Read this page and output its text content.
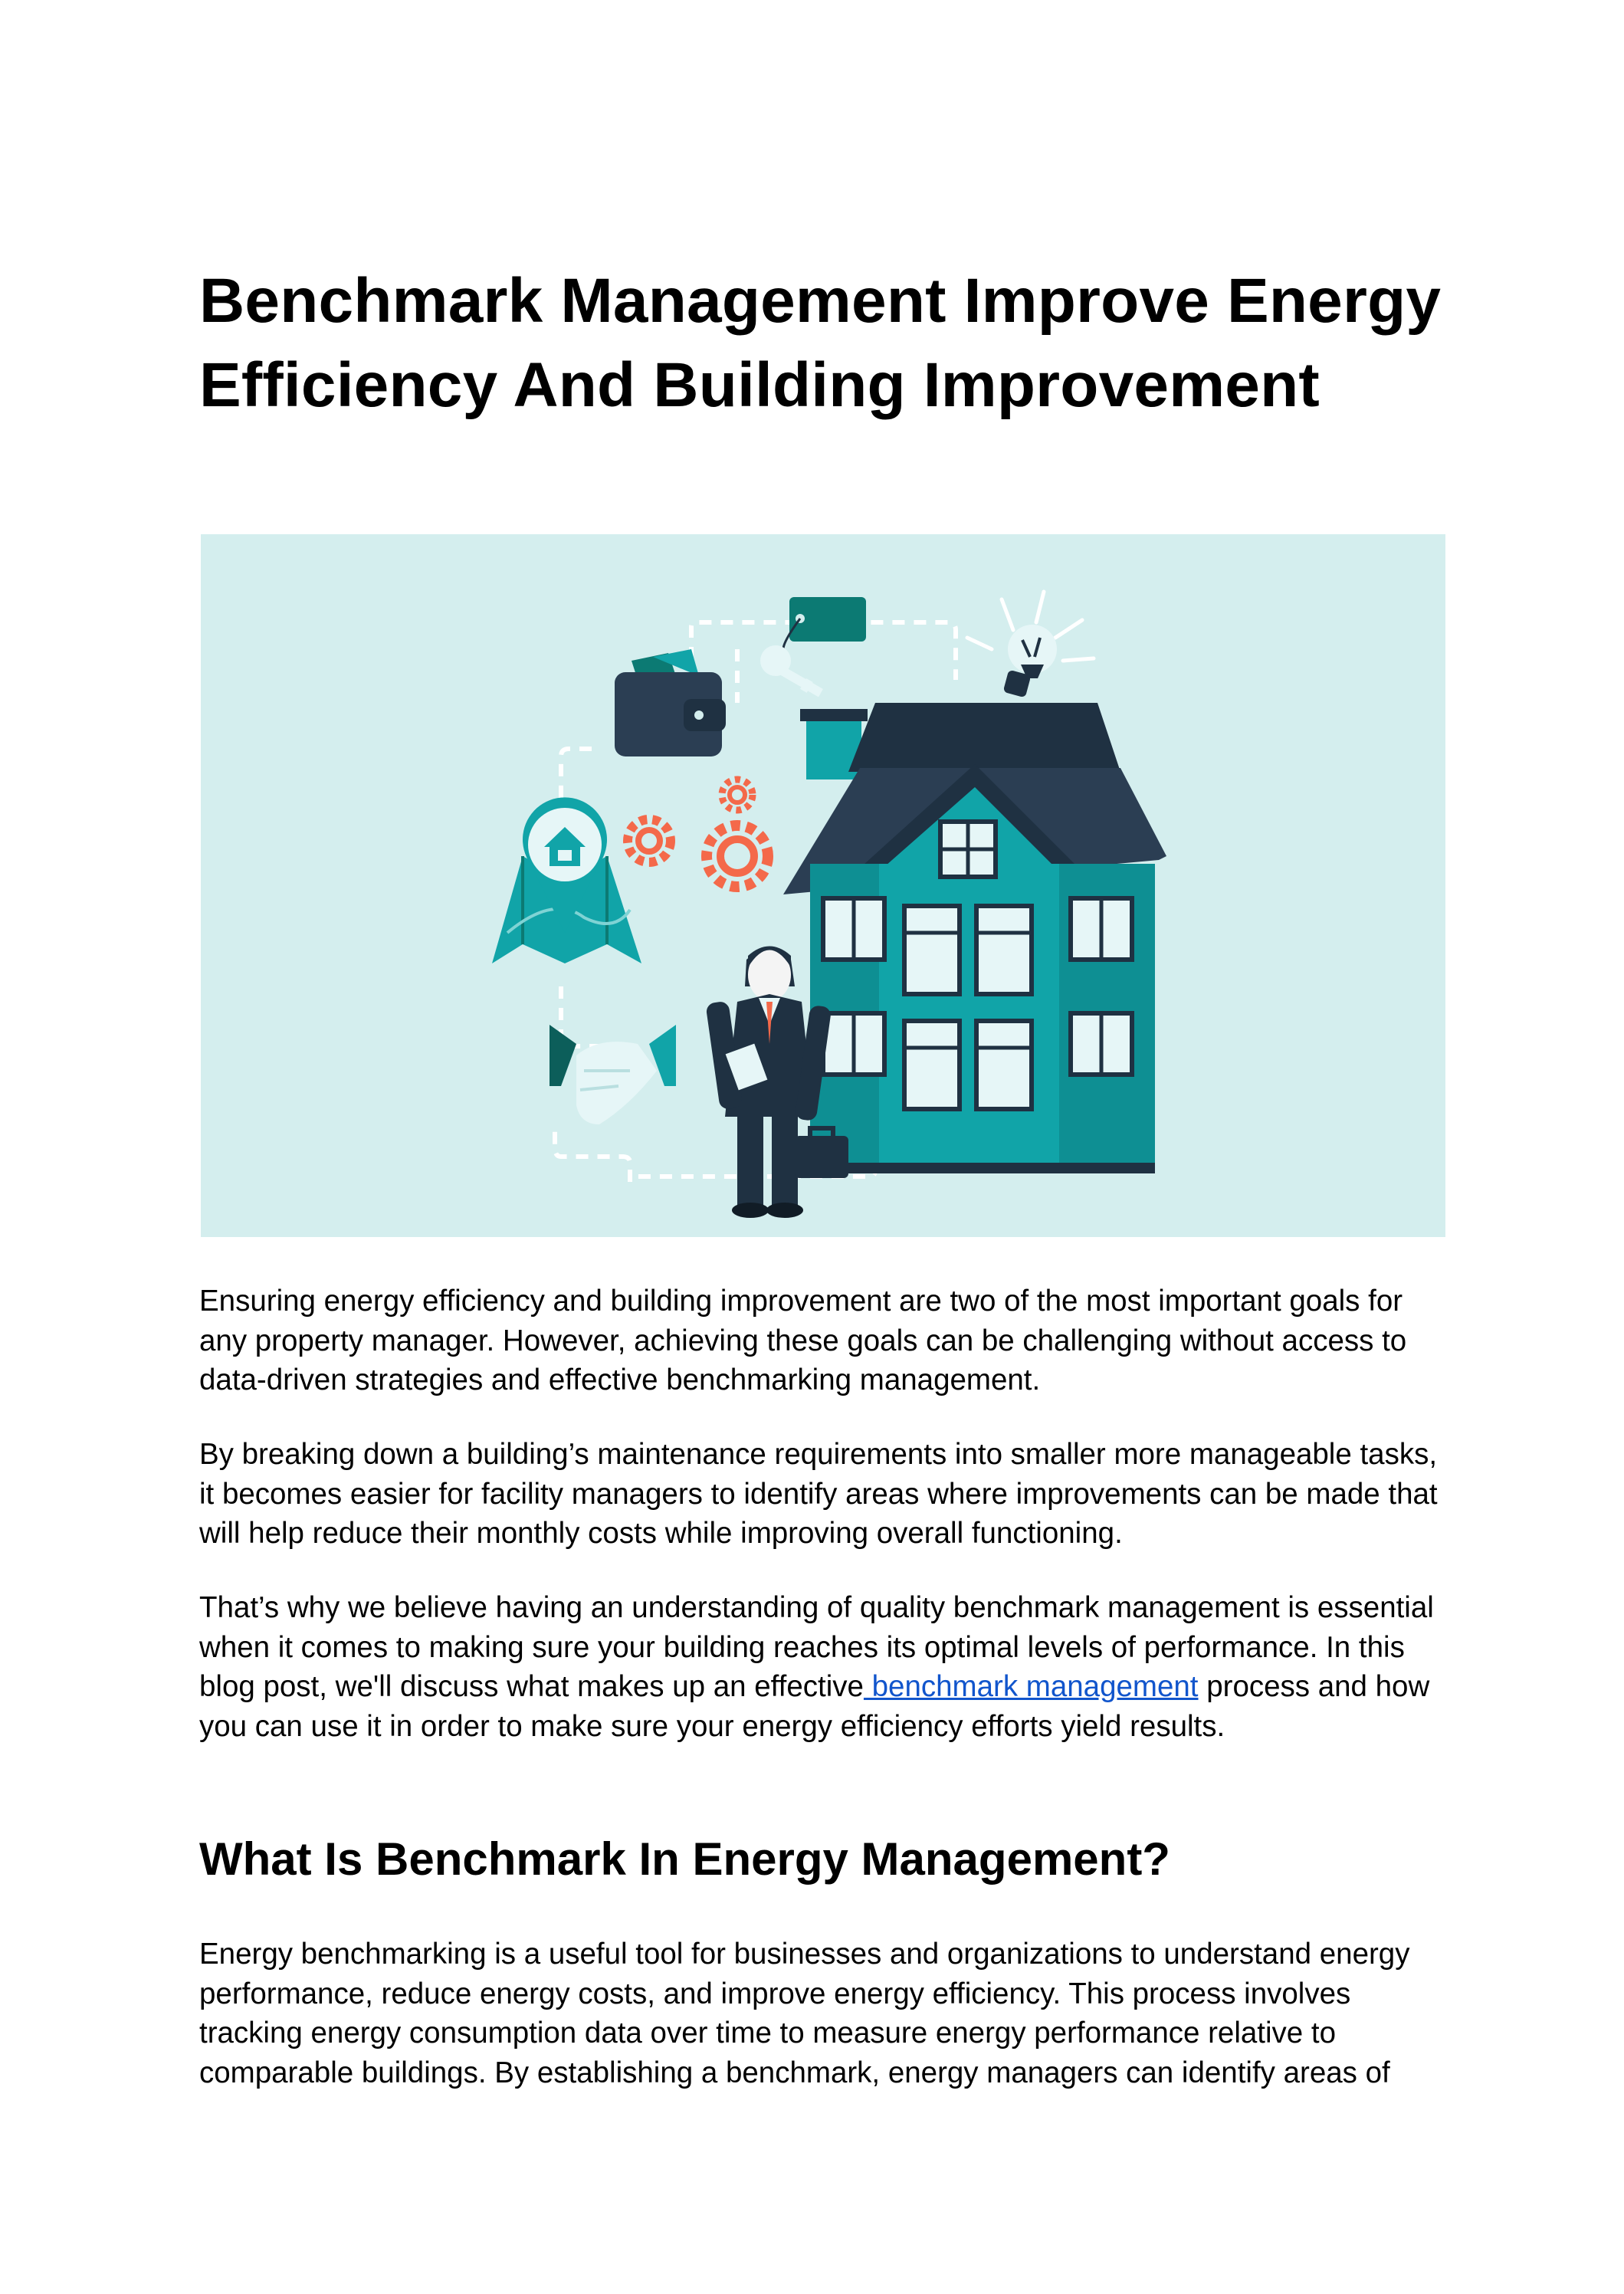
Benchmark Management Improve Energy Efficiency And Building Improvement

Ensuring energy efficiency and building improvement are two of the most important goals for any property manager. However, achieving these goals can be challenging without access to data-driven strategies and effective benchmarking management.

By breaking down a building’s maintenance requirements into smaller more manageable tasks, it becomes easier for facility managers to identify areas where improvements can be made that will help reduce their monthly costs while improving overall functioning.

That’s why we believe having an understanding of quality benchmark management is essential when it comes to making sure your building reaches its optimal levels of performance. In this blog post, we'll discuss what makes up an effective benchmark management process and how you can use it in order to make sure your energy efficiency efforts yield results.

What Is Benchmark In Energy Management?

Energy benchmarking is a useful tool for businesses and organizations to understand energy performance, reduce energy costs, and improve energy efficiency. This process involves tracking energy consumption data over time to measure energy performance relative to comparable buildings. By establishing a benchmark, energy managers can identify areas of
